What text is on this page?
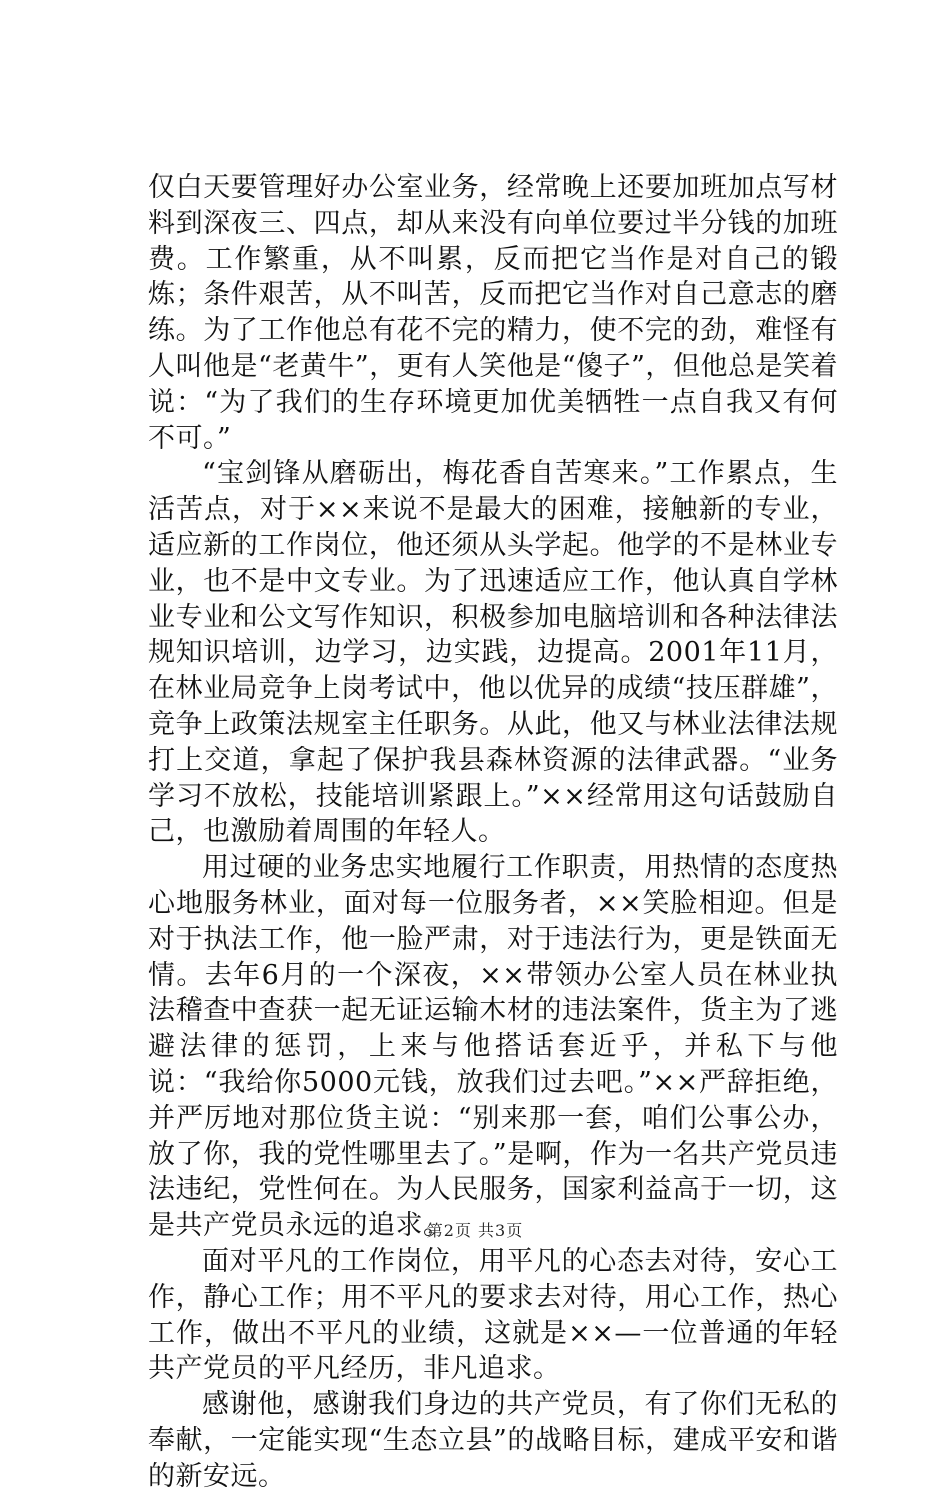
仅白天要管理好办公室业务，经常晚上还要加班加点写材料到深夜三、四点，却从来没有向单位要过半分钱的加班费。工作繁重，从不叫累，反而把它当作是对自己的锻炼；条件艰苦，从不叫苦，反而把它当作对自己意志的磨练。为了工作他总有花不完的精力，使不完的劲，难怪有人叫他是“老黄牛”，更有人笑他是“傻子”，但他总是笑着说：“为了我们的生存环境更加优美牺牲一点自我又有何不可。”

“宝剑锋从磨砺出，梅花香自苦寒来。”工作累点，生活苦点，对于××来说不是最大的困难，接触新的专业，适应新的工作岗位，他还须从头学起。他学的不是林业专业，也不是中文专业。为了迅速适应工作，他认真自学林业专业和公文写作知识，积极参加电脑培训和各种法律法规知识培训，边学习，边实践，边提高。2001年11月，在林业局竞争上岗考试中，他以优异的成绩“技压群雄”，竞争上政策法规室主任职务。从此，他又与林业法律法规打上交道，拿起了保护我县森林资源的法律武器。“业务学习不放松，技能培训紧跟上。”××经常用这句话鼓励自己，也激励着周围的年轻人。

用过硬的业务忠实地履行工作职责，用热情的态度热心地服务林业，面对每一位服务者，××笑脸相迎。但是对于执法工作，他一脸严肃，对于违法行为，更是铁面无情。去年6月的一个深夜，××带领办公室人员在林业执法稽查中查获一起无证运输木材的违法案件，货主为了逃避法律的惩罚，上来与他搭话套近乎，并私下与他说：“我给你5000元钱，放我们过去吧。”××严辞拒绝，并严厉地对那位货主说：“别来那一套，咱们公事公办，放了你，我的党性哪里去了。”是啊，作为一名共产党员违法违纪，党性何在。为人民服务，国家利益高于一切，这是共产党员永远的追求。

面对平凡的工作岗位，用平凡的心态去对待，安心工作，静心工作；用不平凡的要求去对待，用心工作，热心工作，做出不平凡的业绩，这就是××—一位普通的年轻共产党员的平凡经历，非凡追求。

感谢他，感谢我们身边的共产党员，有了你们无私的奉献，一定能实现“生态立县”的战略目标，建成平安和谐的新安远。

第2页 共3页
